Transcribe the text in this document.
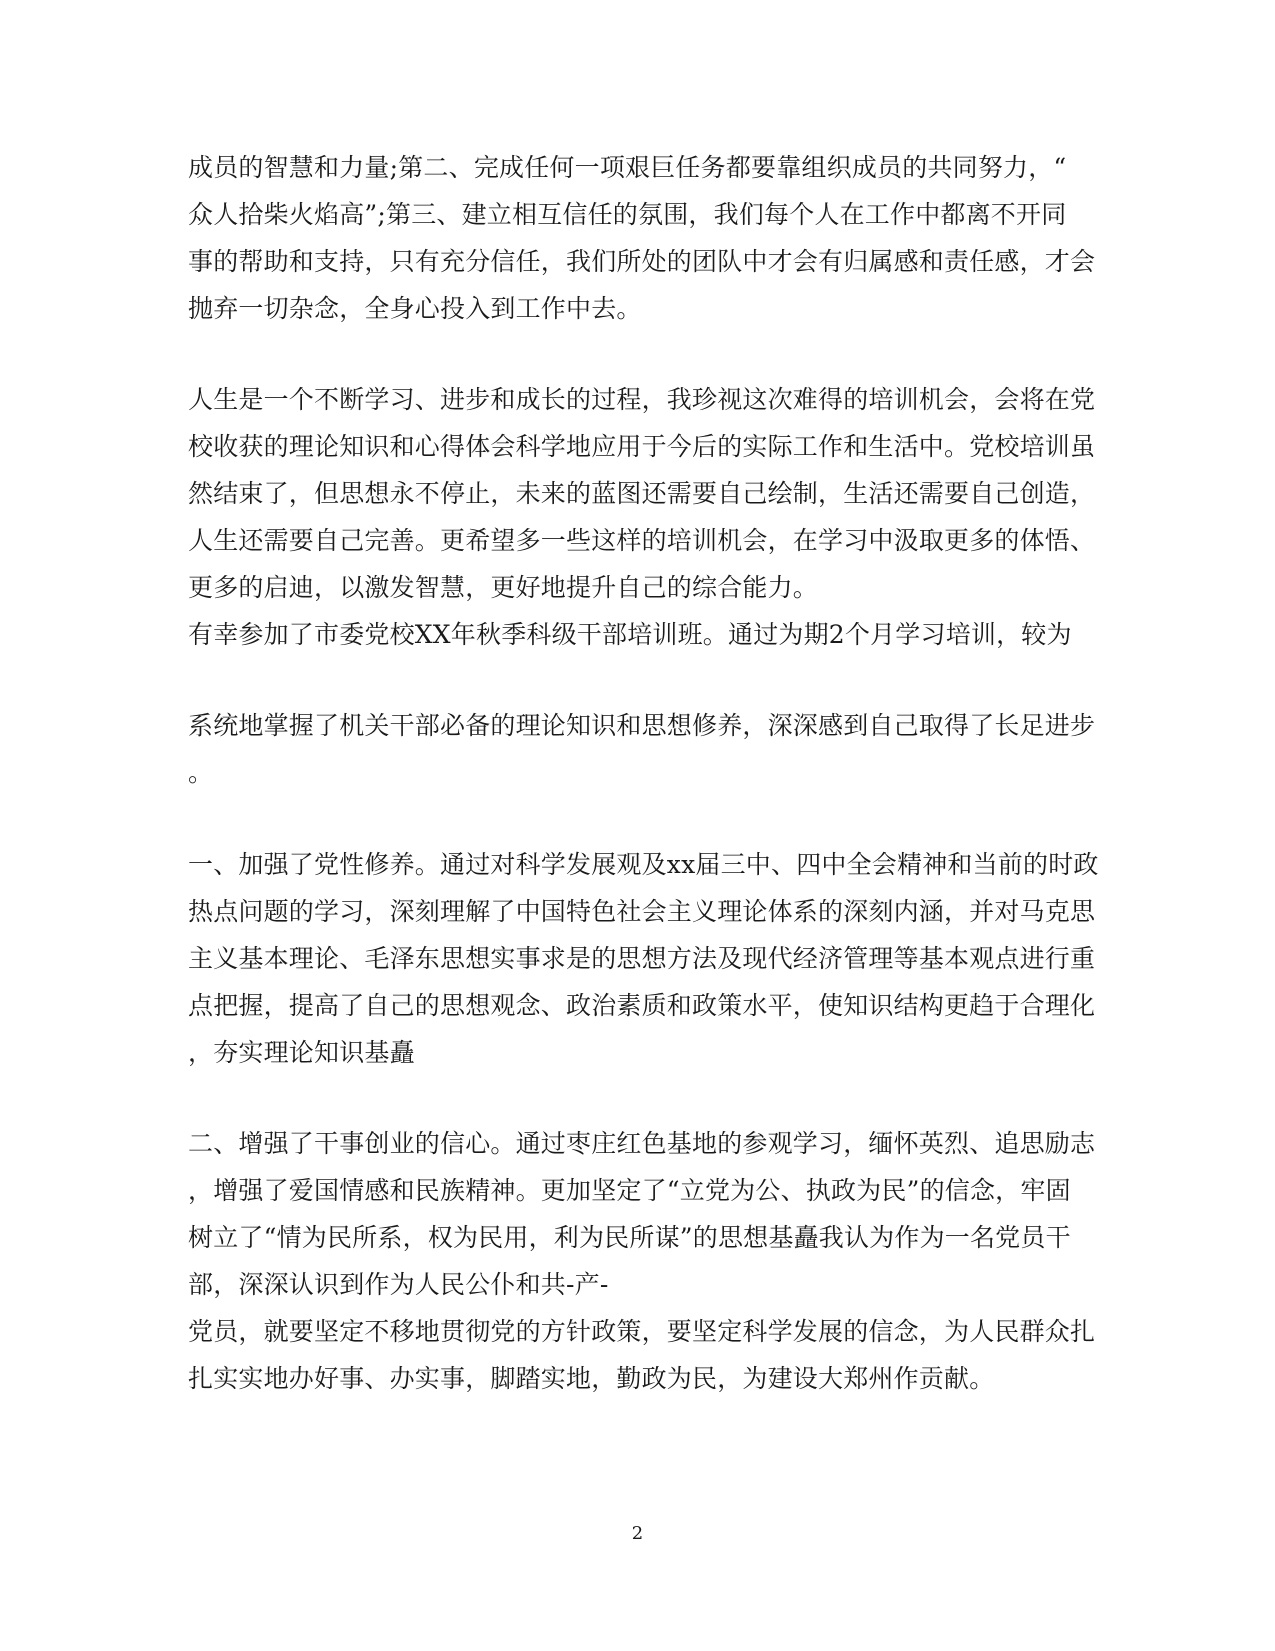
成员的智慧和力量;第二、完成任何一项艰巨任务都要靠组织成员的共同努力，“
众人拾柴火焰高”;第三、建立相互信任的氛围，我们每个人在工作中都离不开同
事的帮助和支持，只有充分信任，我们所处的团队中才会有归属感和责任感，才会
抛弃一切杂念，全身心投入到工作中去。
人生是一个不断学习、进步和成长的过程，我珍视这次难得的培训机会，会将在党
校收获的理论知识和心得体会科学地应用于今后的实际工作和生活中。党校培训虽
然结束了，但思想永不停止，未来的蓝图还需要自己绘制，生活还需要自己创造，
人生还需要自己完善。更希望多一些这样的培训机会，在学习中汲取更多的体悟、
更多的启迪，以激发智慧，更好地提升自己的综合能力。
有幸参加了市委党校XX年秋季科级干部培训班。通过为期2个月学习培训，较为
系统地掌握了机关干部必备的理论知识和思想修养，深深感到自己取得了长足进步
。
一、加强了党性修养。通过对科学发展观及xx届三中、四中全会精神和当前的时政
热点问题的学习，深刻理解了中国特色社会主义理论体系的深刻内涵，并对马克思
主义基本理论、毛泽东思想实事求是的思想方法及现代经济管理等基本观点进行重
点把握，提高了自己的思想观念、政治素质和政策水平，使知识结构更趋于合理化
，夯实理论知识基矗
二、增强了干事创业的信心。通过枣庄红色基地的参观学习，缅怀英烈、追思励志
，增强了爱国情感和民族精神。更加坚定了“立党为公、执政为民”的信念，牢固
树立了“情为民所系，权为民用，利为民所谋”的思想基矗我认为作为一名党员干
部，深深认识到作为人民公仆和共-产-
党员，就要坚定不移地贯彻党的方针政策，要坚定科学发展的信念，为人民群众扎
扎实实地办好事、办实事，脚踏实地，勤政为民，为建设大郑州作贡献。
2
